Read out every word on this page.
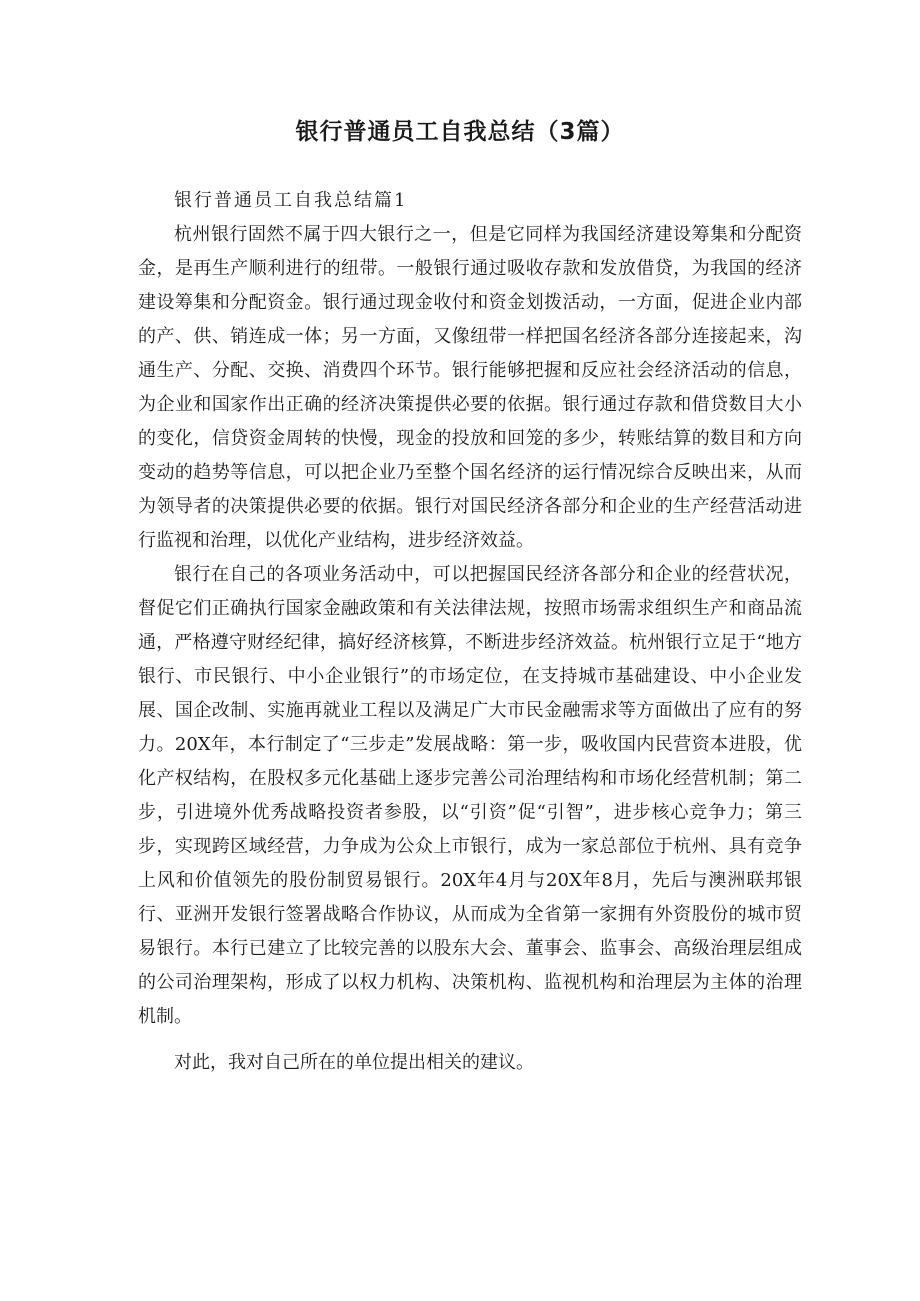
银行普通员工自我总结（3篇）

银行普通员工自我总结篇1

杭州银行固然不属于四大银行之一，但是它同样为我国经济建设筹集和分配资金，是再生产顺利进行的纽带。一般银行通过吸收存款和发放借贷，为我国的经济建设筹集和分配资金。银行通过现金收付和资金划拨活动，一方面，促进企业内部的产、供、销连成一体；另一方面，又像纽带一样把国名经济各部分连接起来，沟通生产、分配、交换、消费四个环节。银行能够把握和反应社会经济活动的信息，为企业和国家作出正确的经济决策提供必要的依据。银行通过存款和借贷数目大小的变化，信贷资金周转的快慢，现金的投放和回笼的多少，转账结算的数目和方向变动的趋势等信息，可以把企业乃至整个国名经济的运行情况综合反映出来，从而为领导者的决策提供必要的依据。银行对国民经济各部分和企业的生产经营活动进行监视和治理，以优化产业结构，进步经济效益。

银行在自己的各项业务活动中，可以把握国民经济各部分和企业的经营状况，督促它们正确执行国家金融政策和有关法律法规，按照市场需求组织生产和商品流通，严格遵守财经纪律，搞好经济核算，不断进步经济效益。杭州银行立足于“地方银行、市民银行、中小企业银行”的市场定位，在支持城市基础建设、中小企业发展、国企改制、实施再就业工程以及满足广大市民金融需求等方面做出了应有的努力。20X年，本行制定了“三步走”发展战略：第一步，吸收国内民营资本进股，优化产权结构，在股权多元化基础上逐步完善公司治理结构和市场化经营机制；第二步，引进境外优秀战略投资者参股，以“引资”促“引智”，进步核心竞争力；第三步，实现跨区域经营，力争成为公众上市银行，成为一家总部位于杭州、具有竞争上风和价值领先的股份制贸易银行。20X年4月与20X年8月，先后与澳洲联邦银行、亚洲开发银行签署战略合作协议，从而成为全省第一家拥有外资股份的城市贸易银行。本行已建立了比较完善的以股东大会、董事会、监事会、高级治理层组成的公司治理架构，形成了以权力机构、决策机构、监视机构和治理层为主体的治理机制。

对此，我对自己所在的单位提出相关的建议。
